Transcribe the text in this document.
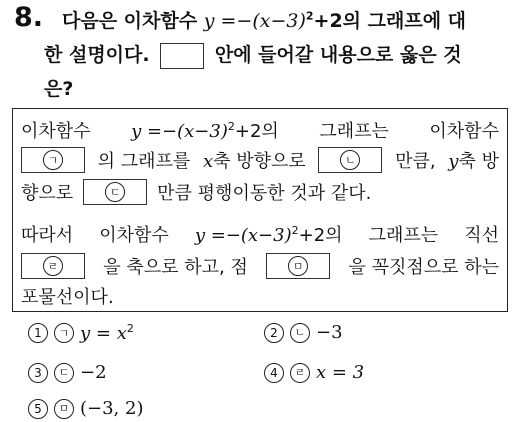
8. 다음은 이차함수 $y =-(x-3)^2+2$의 그래프에 대
한 설명이다.	안에 들어갈 내용으로 옳은 것
은?
이차함수 $y =-(x-3)^2+2$의 그래프는 이차함수
ㄱ 의 그래프를 x축 방향으로	ㄴ 만큼, y축 방
향으로	ㄷ 만큼 평행이동한 것과 같다.
따라서 이차함수 $y =-(x-3)^2+2$의 그래프는 직선
ㄹ 을 축으로 하고, 점	ㅁ 을 꼭짓점으로 하는
포물선이다.
1	ㄱ $y = x^2$	2	ㄴ −3
3	ㄷ −2	4	ㄹ x = 3
5	ㅁ (−3, 2)
